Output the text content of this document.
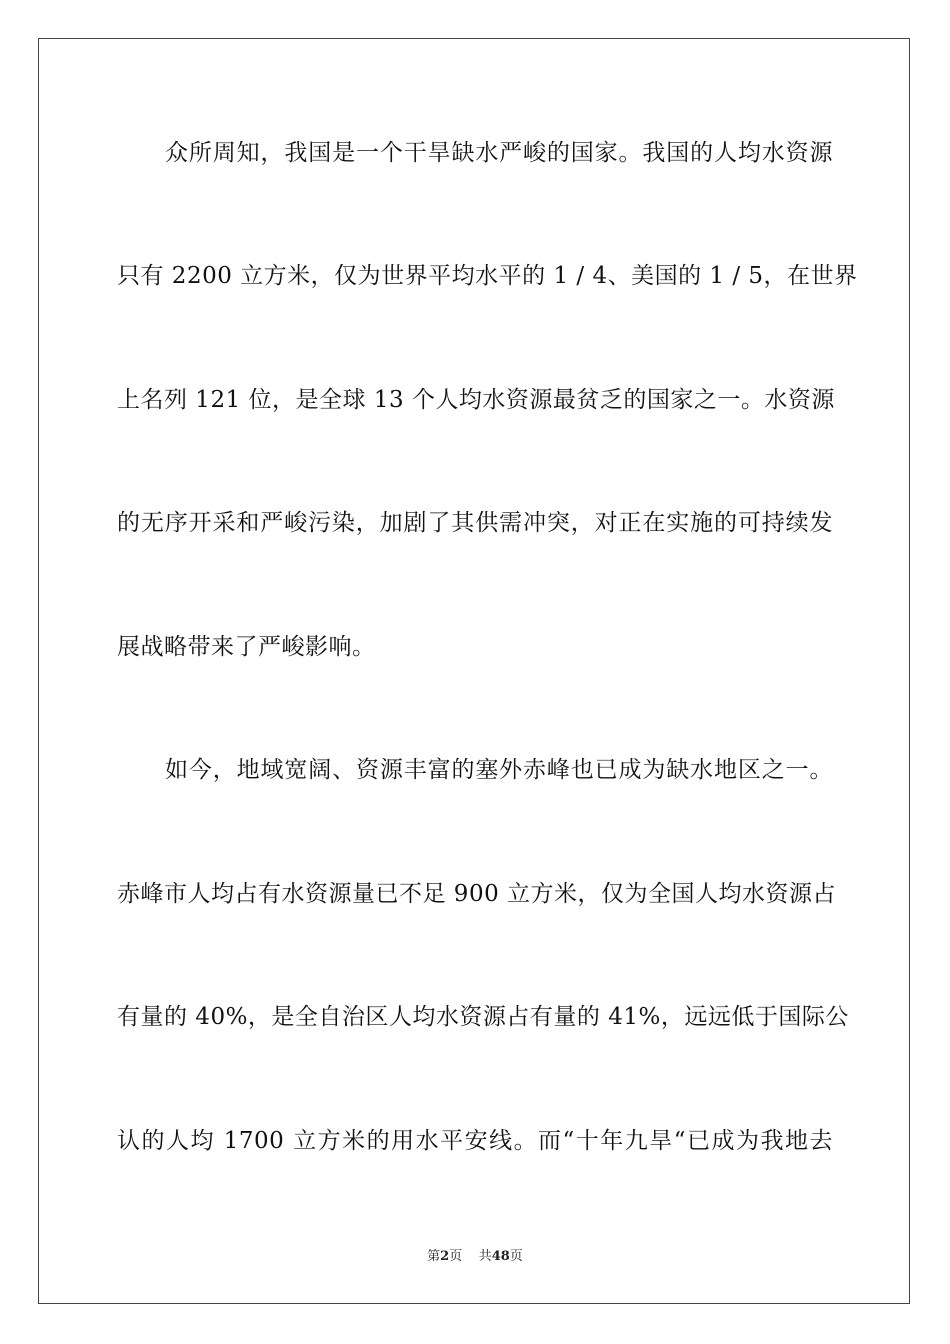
众所周知，我国是一个干旱缺水严峻的国家。我国的人均水资源
只有 2200 立方米，仅为世界平均水平的 1 / 4、美国的 1 / 5，在世界
上名列 121 位，是全球 13 个人均水资源最贫乏的国家之一。水资源
的无序开采和严峻污染，加剧了其供需冲突，对正在实施的可持续发
展战略带来了严峻影响。
如今，地域宽阔、资源丰富的塞外赤峰也已成为缺水地区之一。
赤峰市人均占有水资源量已不足 900 立方米，仅为全国人均水资源占
有量的 40%，是全自治区人均水资源占有量的 41%，远远低于国际公
认的人均 1700 立方米的用水平安线。而“十年九旱“已成为我地去
第2页 共48页
